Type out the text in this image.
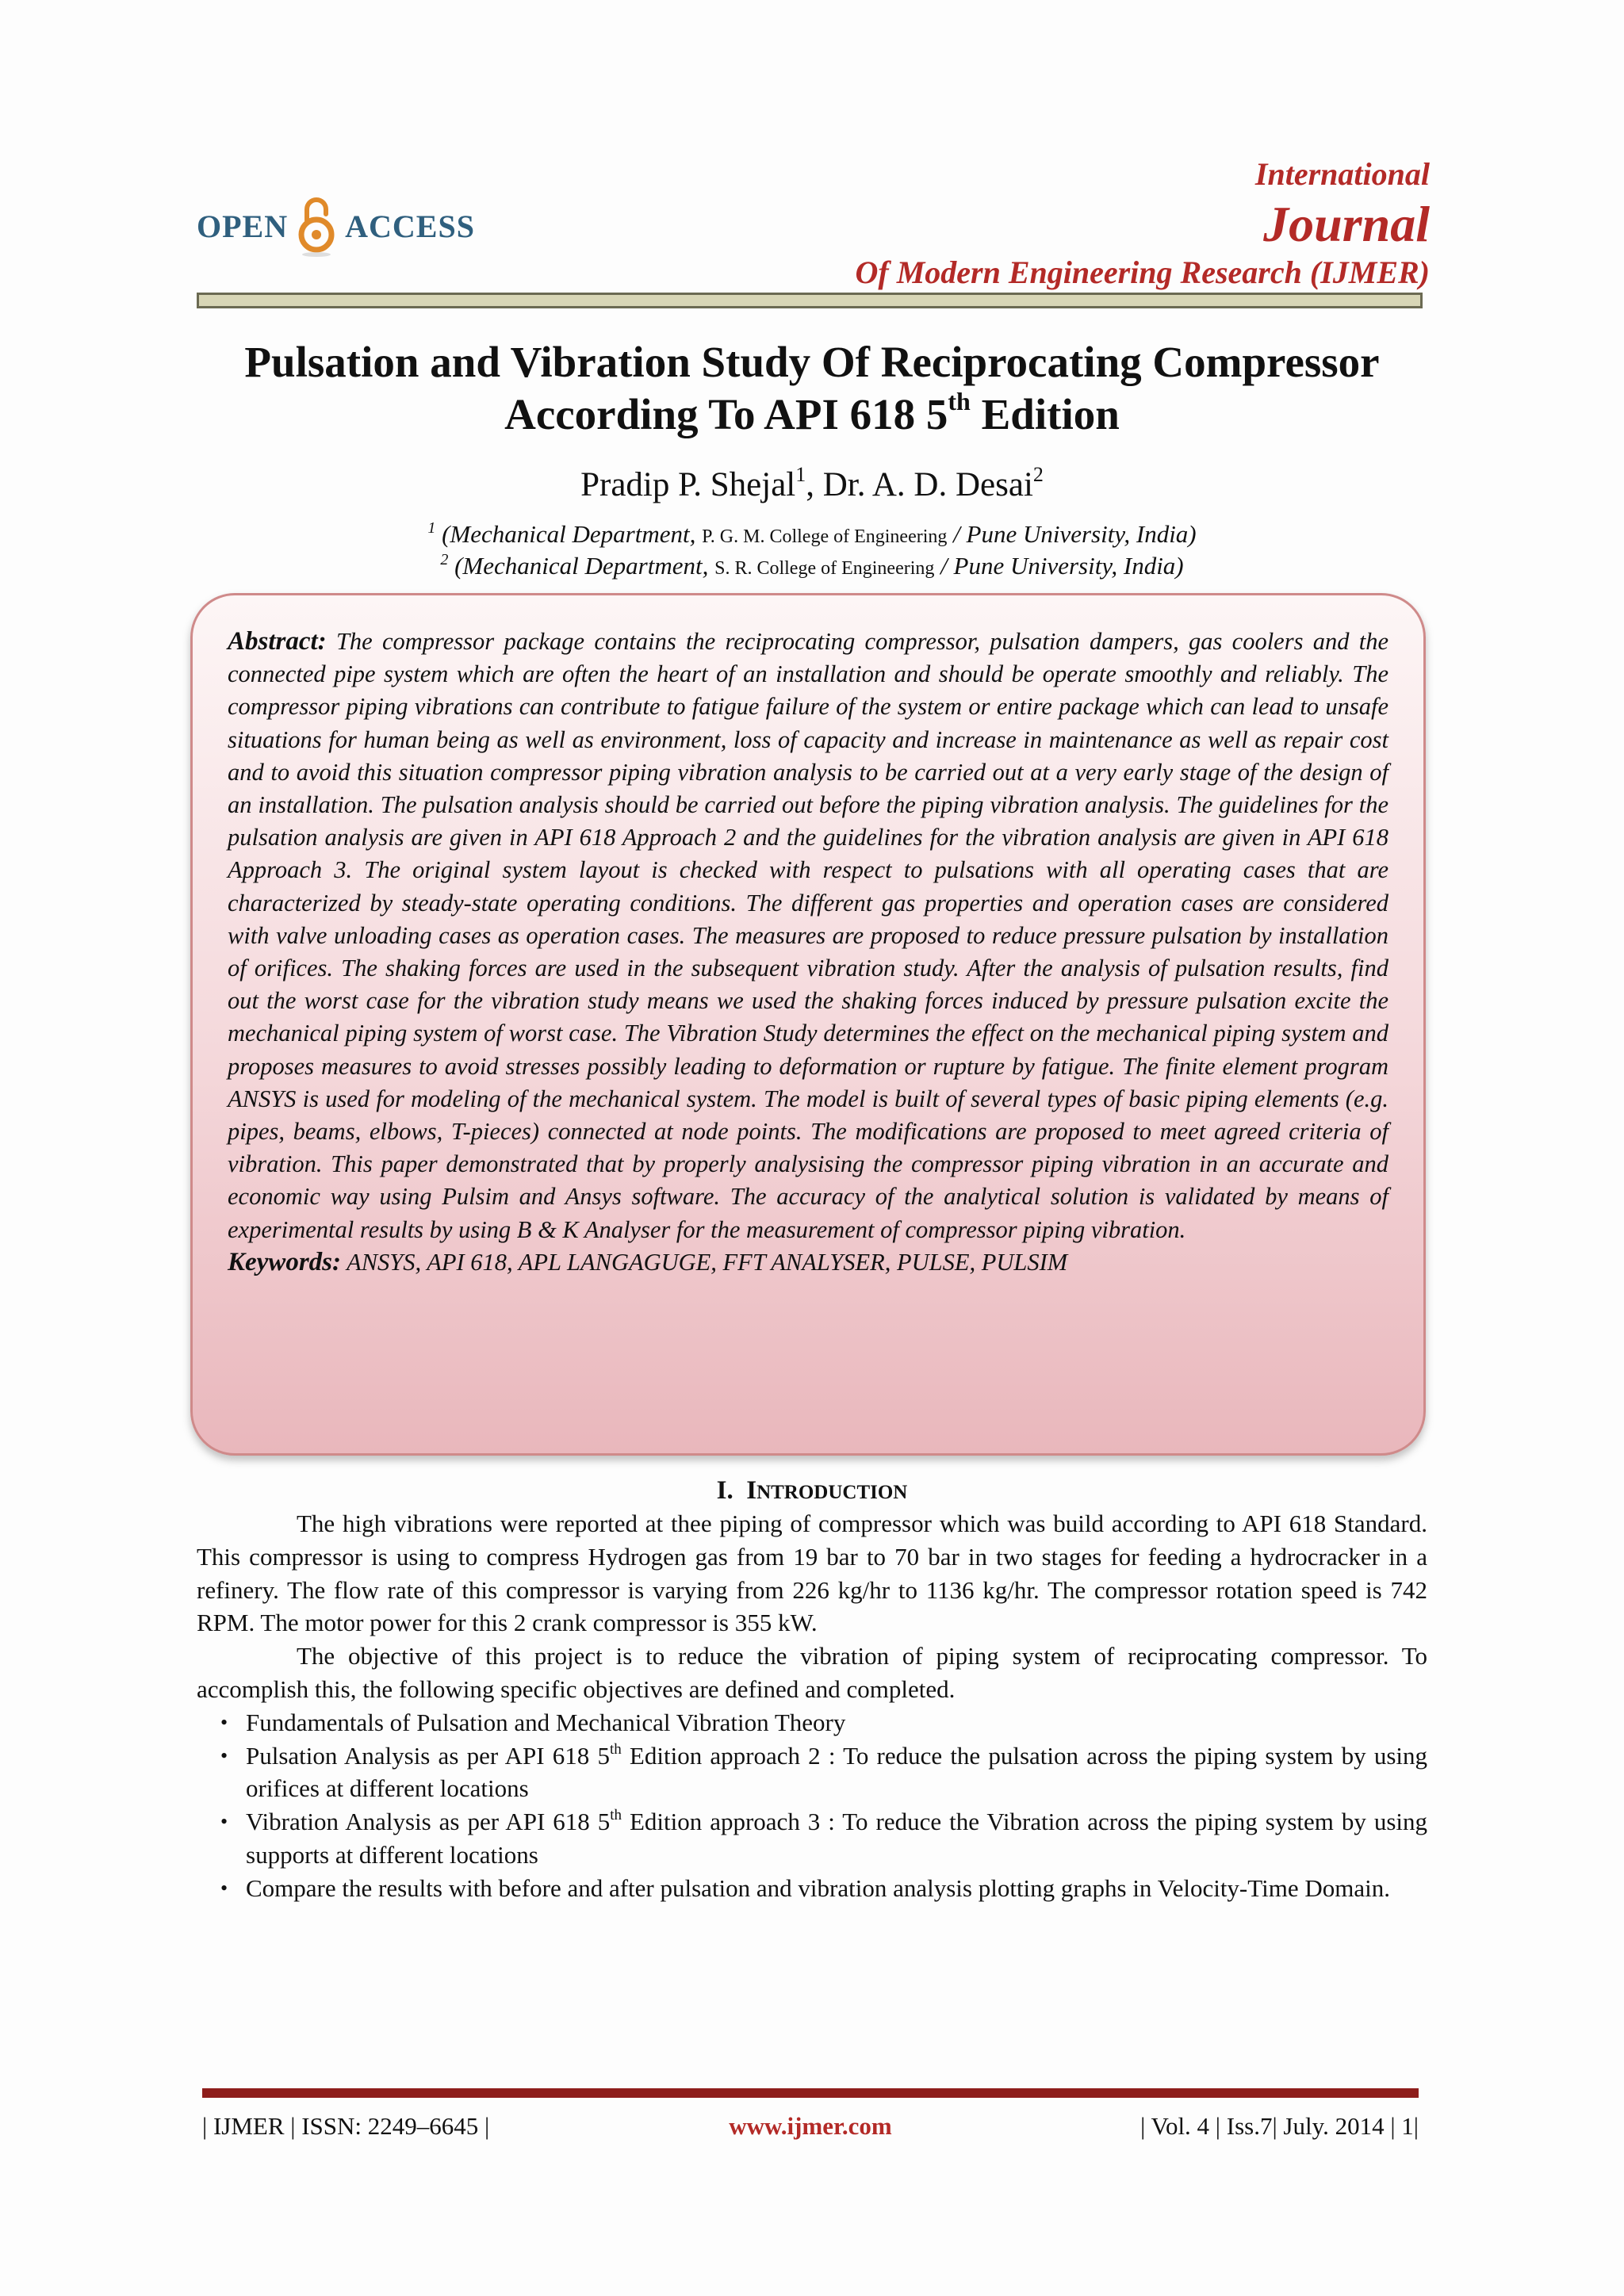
OPEN ACCESS
International
Journal
Of Modern Engineering Research (IJMER)
Pulsation and Vibration Study Of Reciprocating Compressor
According To API 618 5th Edition
Pradip P. Shejal$^1$, Dr. A. D. Desai$^2$
$^1$ (Mechanical Department, P. G. M. College of Engineering / Pune University, India)
$^2$ (Mechanical Department, S. R. College of Engineering / Pune University, India)
Abstract: The compressor package contains the reciprocating compressor, pulsation dampers, gas coolers and the connected pipe system which are often the heart of an installation and should be operate smoothly and reliably. The compressor piping vibrations can contribute to fatigue failure of the system or entire package which can lead to unsafe situations for human being as well as environment, loss of capacity and increase in maintenance as well as repair cost and to avoid this situation compressor piping vibration analysis to be carried out at a very early stage of the design of an installation. The pulsation analysis should be carried out before the piping vibration analysis. The guidelines for the pulsation analysis are given in API 618 Approach 2 and the guidelines for the vibration analysis are given in API 618 Approach 3. The original system layout is checked with respect to pulsations with all operating cases that are characterized by steady-state operating conditions. The different gas properties and operation cases are considered with valve unloading cases as operation cases. The measures are proposed to reduce pressure pulsation by installation of orifices. The shaking forces are used in the subsequent vibration study. After the analysis of pulsation results, find out the worst case for the vibration study means we used the shaking forces induced by pressure pulsation excite the mechanical piping system of worst case. The Vibration Study determines the effect on the mechanical piping system and proposes measures to avoid stresses possibly leading to deformation or rupture by fatigue. The finite element program ANSYS is used for modeling of the mechanical system. The model is built of several types of basic piping elements (e.g. pipes, beams, elbows, T-pieces) connected at node points. The modifications are proposed to meet agreed criteria of vibration. This paper demonstrated that by properly analysising the compressor piping vibration in an accurate and economic way using Pulsim and Ansys software. The accuracy of the analytical solution is validated by means of experimental results by using B & K Analyser for the measurement of compressor piping vibration.
Keywords: ANSYS, API 618, APL LANGAGUGE, FFT ANALYSER, PULSE, PULSIM
I. INTRODUCTION

The high vibrations were reported at thee piping of compressor which was build according to API 618 Standard. This compressor is using to compress Hydrogen gas from 19 bar to 70 bar in two stages for feeding a hydrocracker in a refinery. The flow rate of this compressor is varying from 226 kg/hr to 1136 kg/hr. The compressor rotation speed is 742 RPM. The motor power for this 2 crank compressor is 355 kW.

The objective of this project is to reduce the vibration of piping system of reciprocating compressor. To accomplish this, the following specific objectives are defined and completed.

• Fundamentals of Pulsation and Mechanical Vibration Theory
• Pulsation Analysis as per API 618 5th Edition approach 2 : To reduce the pulsation across the piping system by using orifices at different locations
• Vibration Analysis as per API 618 5th Edition approach 3 : To reduce the Vibration across the piping system by using supports at different locations
• Compare the results with before and after pulsation and vibration analysis plotting graphs in Velocity-Time Domain.
| IJMER | ISSN: 2249–6645 |	www.ijmer.com	| Vol. 4 | Iss.7| July. 2014 | 1|
